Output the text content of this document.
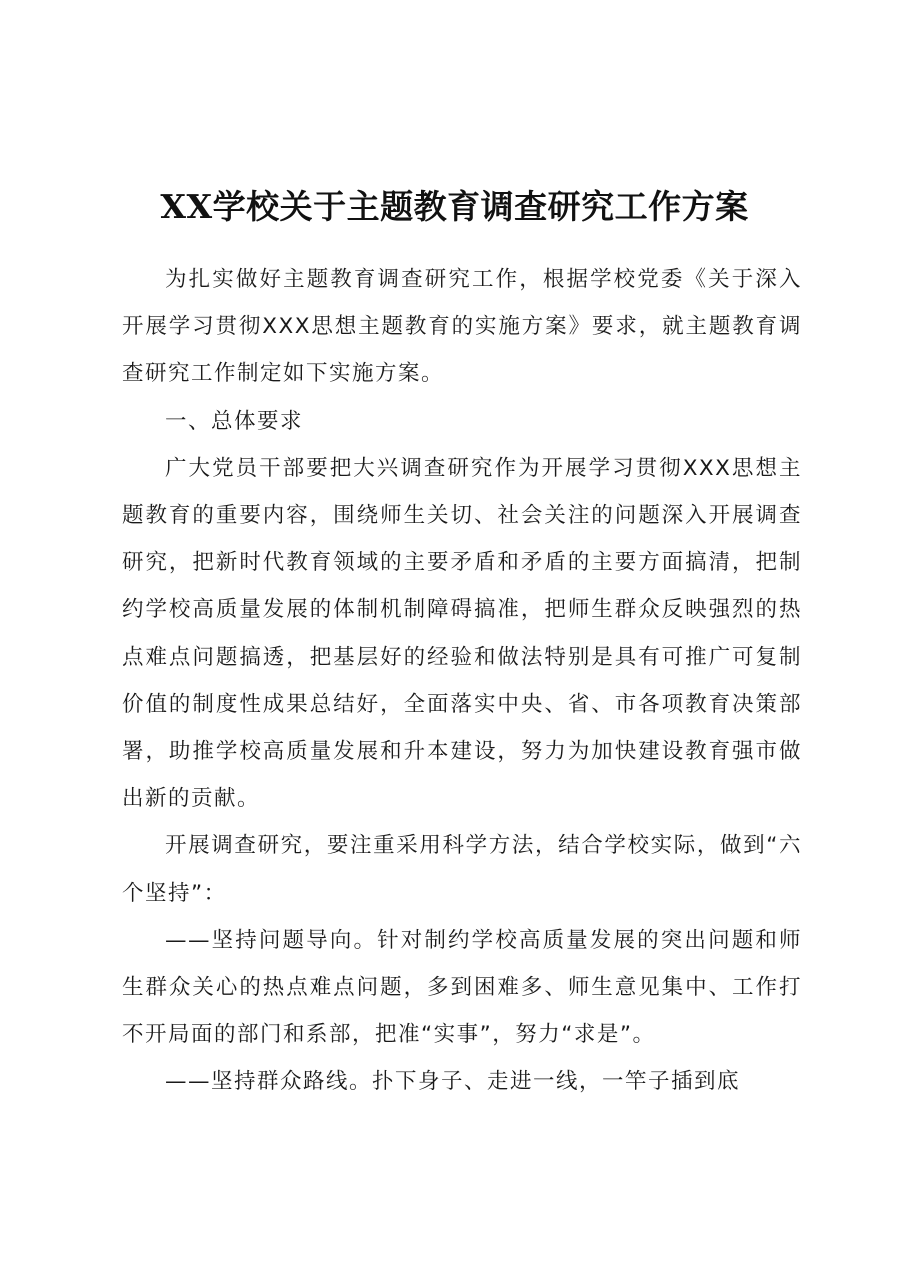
XX学校关于主题教育调查研究工作方案

为扎实做好主题教育调查研究工作，根据学校党委《关于深入开展学习贯彻XXX思想主题教育的实施方案》要求，就主题教育调查研究工作制定如下实施方案。

一、总体要求

广大党员干部要把大兴调查研究作为开展学习贯彻XXX思想主题教育的重要内容，围绕师生关切、社会关注的问题深入开展调查研究，把新时代教育领域的主要矛盾和矛盾的主要方面搞清，把制约学校高质量发展的体制机制障碍搞准，把师生群众反映强烈的热点难点问题搞透，把基层好的经验和做法特别是具有可推广可复制价值的制度性成果总结好，全面落实中央、省、市各项教育决策部署，助推学校高质量发展和升本建设，努力为加快建设教育强市做出新的贡献。

开展调查研究，要注重采用科学方法，结合学校实际，做到“六个坚持”：

——坚持问题导向。针对制约学校高质量发展的突出问题和师生群众关心的热点难点问题，多到困难多、师生意见集中、工作打不开局面的部门和系部，把准“实事”，努力“求是”。

——坚持群众路线。扑下身子、走进一线，一竿子插到底
